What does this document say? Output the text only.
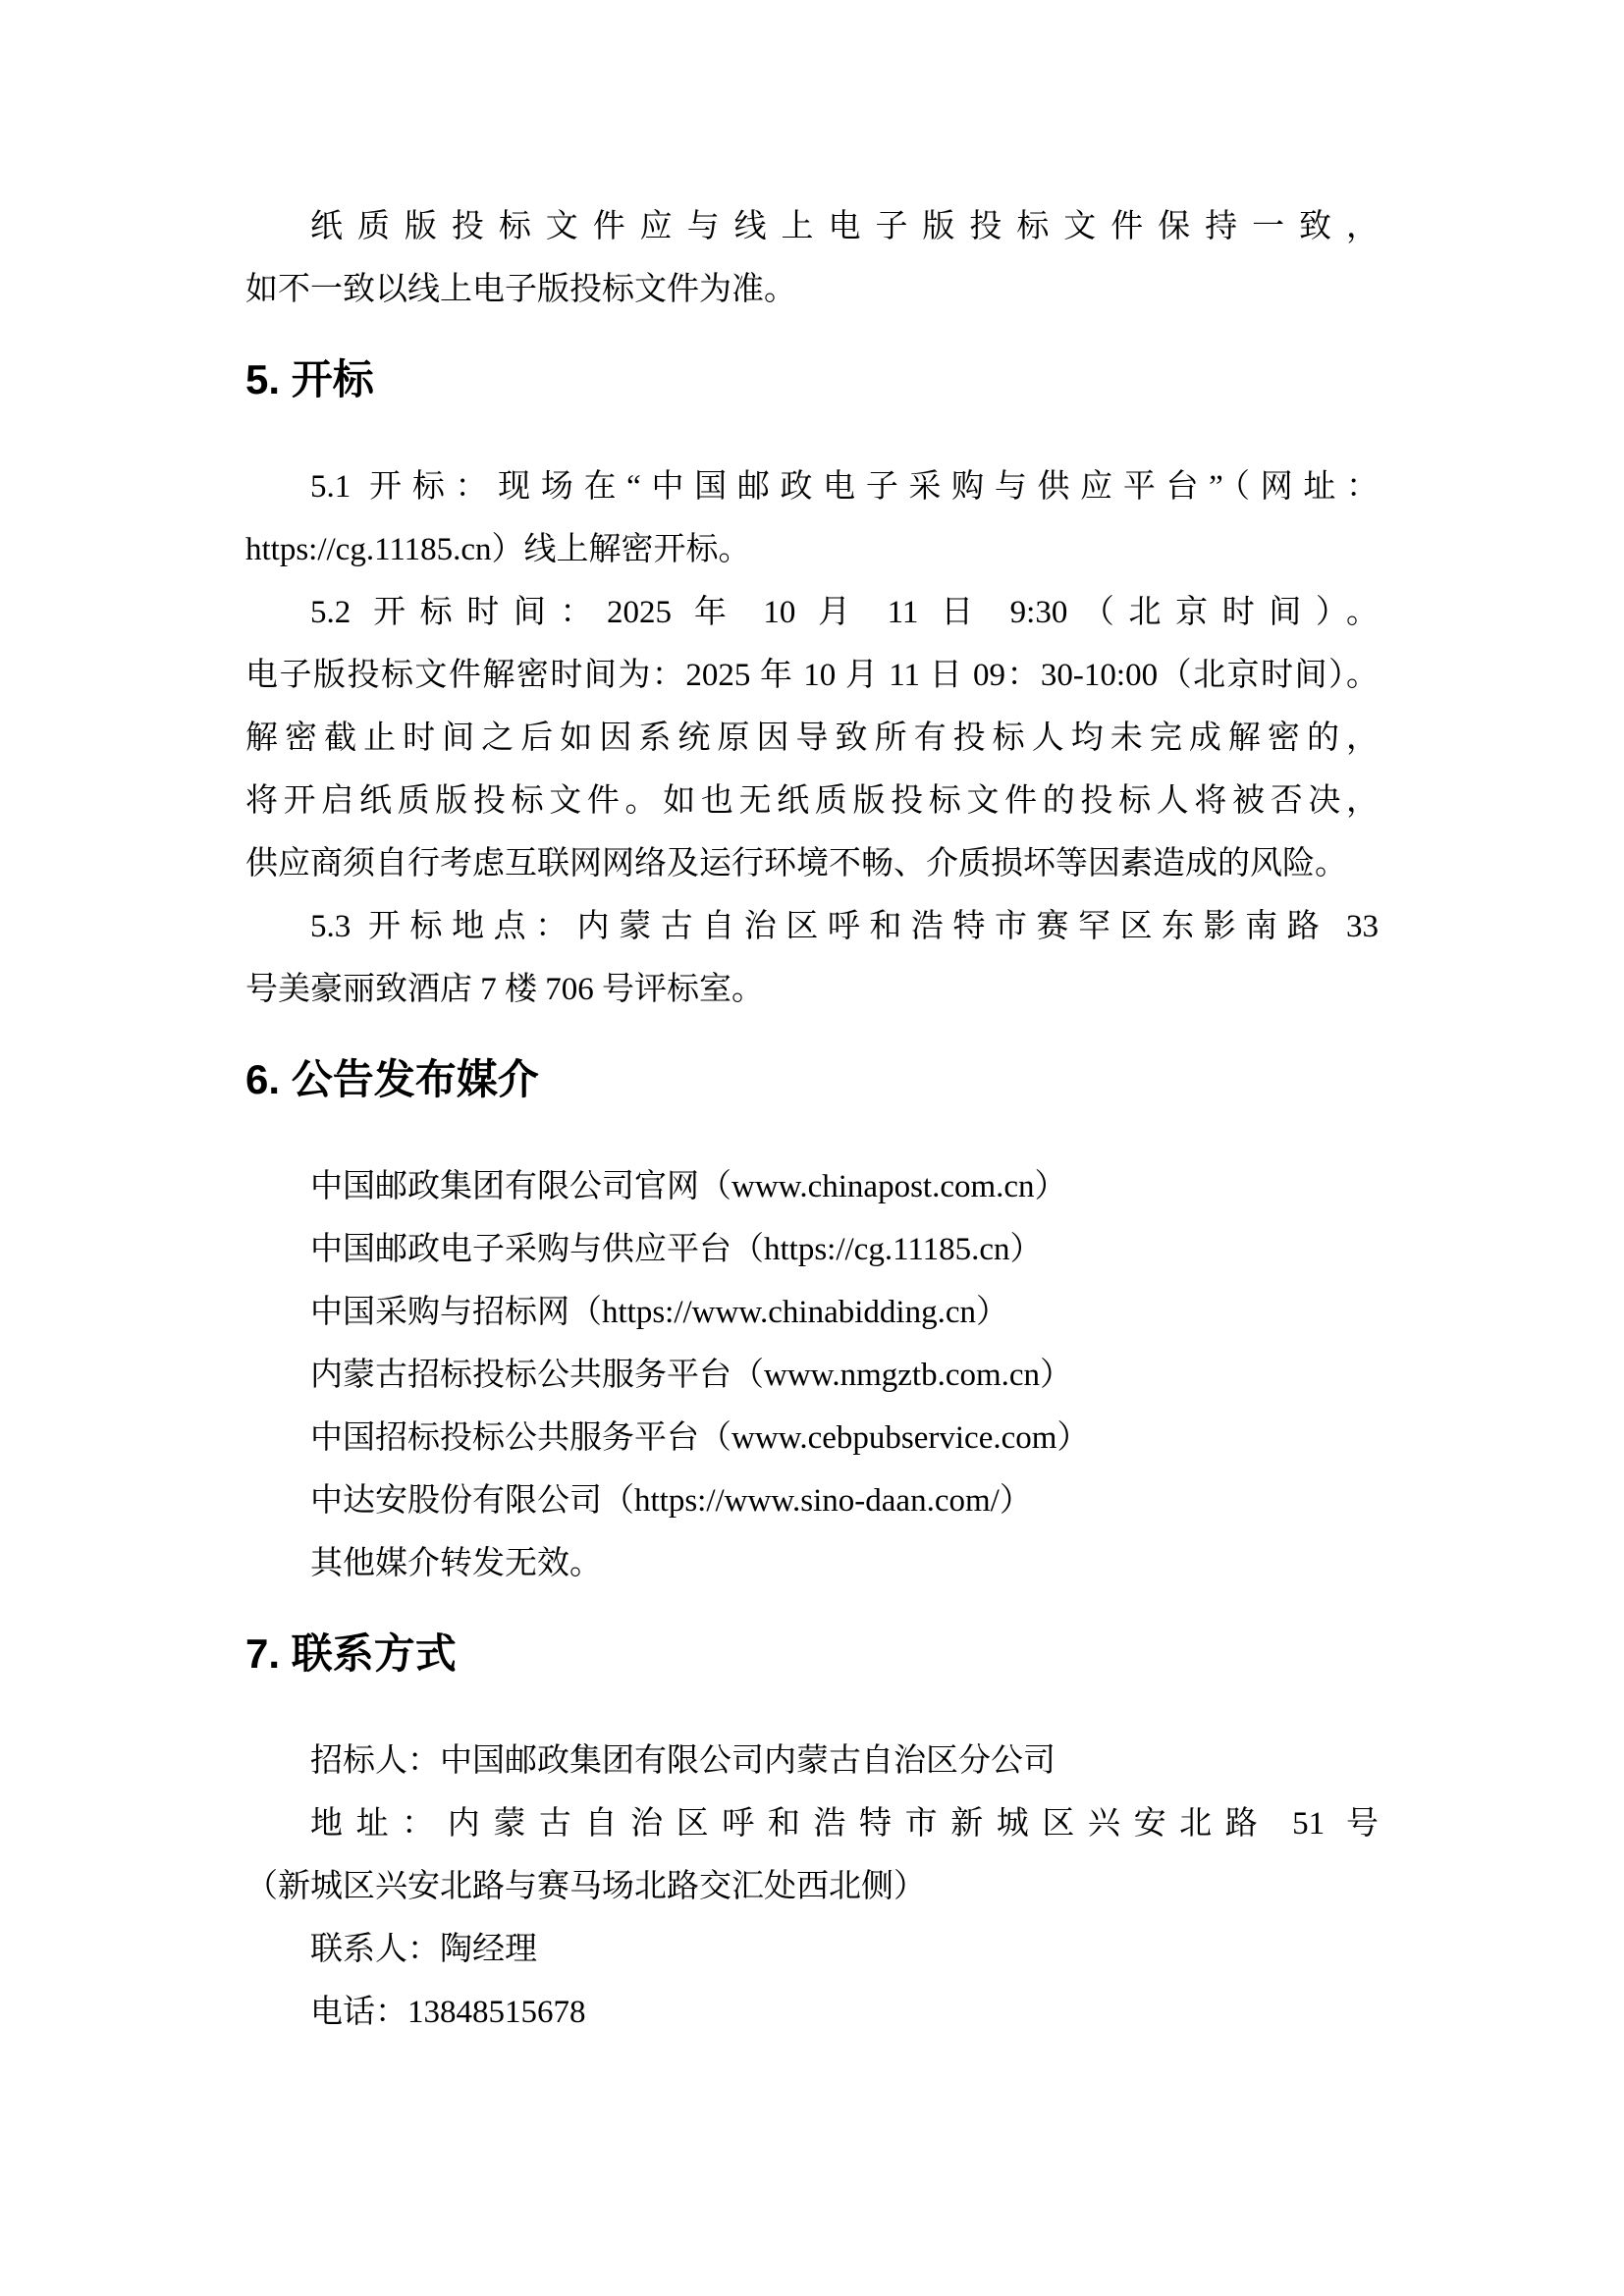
纸质版投标文件应与线上电子版投标文件保持一致，如不一致以线上电子版投标文件为准。

5. 开标

5.1 开标：现场在“中国邮政电子采购与供应平台”（网址：https://cg.11185.cn）线上解密开标。

5.2 开标时间：2025 年 10 月 11 日 9:30（北京时间）。电子版投标文件解密时间为：2025 年 10 月 11 日 09：30-10:00（北京时间）。解密截止时间之后如因系统原因导致所有投标人均未完成解密的，将开启纸质版投标文件。如也无纸质版投标文件的投标人将被否决，供应商须自行考虑互联网网络及运行环境不畅、介质损坏等因素造成的风险。

5.3 开标地点：内蒙古自治区呼和浩特市赛罕区东影南路 33 号美豪丽致酒店 7 楼 706 号评标室。

6. 公告发布媒介

中国邮政集团有限公司官网（www.chinapost.com.cn）

中国邮政电子采购与供应平台（https://cg.11185.cn）

中国采购与招标网（https://www.chinabidding.cn）

内蒙古招标投标公共服务平台（www.nmgztb.com.cn）

中国招标投标公共服务平台（www.cebpubservice.com）

中达安股份有限公司（https://www.sino-daan.com/）

其他媒介转发无效。

7. 联系方式

招标人：中国邮政集团有限公司内蒙古自治区分公司

地址：内蒙古自治区呼和浩特市新城区兴安北路 51 号（新城区兴安北路与赛马场北路交汇处西北侧）

联系人：陶经理

电话：13848515678
